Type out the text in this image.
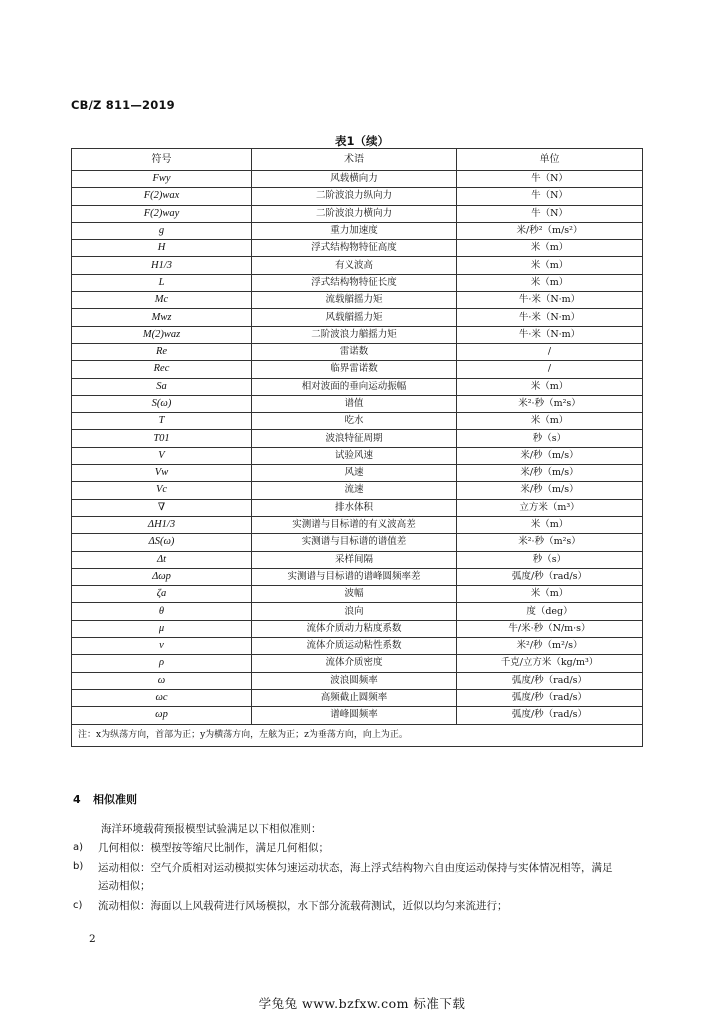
CB/Z 811—2019
表1（续）
符号	术语	单位
Fwy	风载横向力	牛（N）
F(2)wax	二阶波浪力纵向力	牛（N）
F(2)way	二阶波浪力横向力	牛（N）
g	重力加速度	米/秒²（m/s²）
H	浮式结构物特征高度	米（m）
H1/3	有义波高	米（m）
L	浮式结构物特征长度	米（m）
Mc	流载艏摇力矩	牛·米（N·m）
Mwz	风载艏摇力矩	牛·米（N·m）
M(2)waz	二阶波浪力艏摇力矩	牛·米（N·m）
Re	雷诺数	/
Rec	临界雷诺数	/
Sa	相对波面的垂向运动振幅	米（m）
S(ω)	谱值	米²·秒（m²s）
T	吃水	米（m）
T01	波浪特征周期	秒（s）
V	试验风速	米/秒（m/s）
Vw	风速	米/秒（m/s）
Vc	流速	米/秒（m/s）
∇	排水体积	立方米（m³）
ΔH1/3	实测谱与目标谱的有义波高差	米（m）
ΔS(ω)	实测谱与目标谱的谱值差	米²·秒（m²s）
Δt	采样间隔	秒（s）
Δωp	实测谱与目标谱的谱峰圆频率差	弧度/秒（rad/s）
ζa	波幅	米（m）
θ	浪向	度（deg）
μ	流体介质动力粘度系数	牛/米·秒（N/m·s）
ν	流体介质运动粘性系数	米²/秒（m²/s）
ρ	流体介质密度	千克/立方米（kg/m³）
ω	波浪圆频率	弧度/秒（rad/s）
ωc	高频截止圆频率	弧度/秒（rad/s）
ωp	谱峰圆频率	弧度/秒（rad/s）
注：x为纵荡方向，首部为正；y为横荡方向，左舷为正；z为垂荡方向，向上为正。		
4 相似准则
海洋环境载荷预报模型试验满足以下相似准则：
a) 几何相似：模型按等缩尺比制作，满足几何相似；
b) 运动相似：空气介质相对运动模拟实体匀速运动状态，海上浮式结构物六自由度运动保持与实体情况相等，满足运动相似；
c) 流动相似：海面以上风载荷进行风场模拟，水下部分流载荷测试，近似以均匀来流进行；
2
学兔兔 www.bzfxw.com 标准下载
